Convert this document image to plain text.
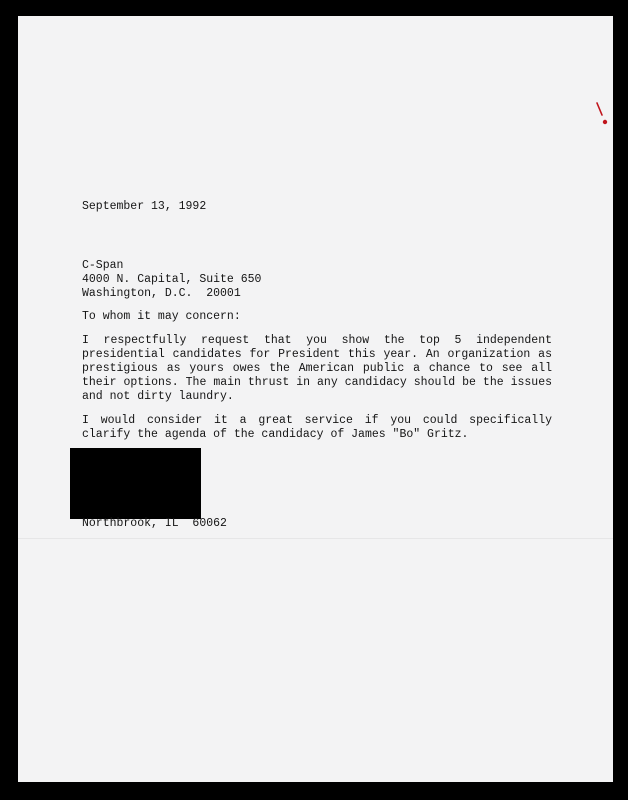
September 13, 1992

C-Span

4000 N. Capital, Suite 650

Washington, D.C.  20001

To whom it may concern:

I respectfully request that you show the top 5 independent presidential candidates for President this year. An organization as prestigious as yours owes the American public a chance to see all their options. The main thrust in any candidacy should be the issues and not dirty laundry.

I would consider it a great service if you could specifically clarify the agenda of the candidacy of James "Bo" Gritz.

Northbrook, IL  60062
